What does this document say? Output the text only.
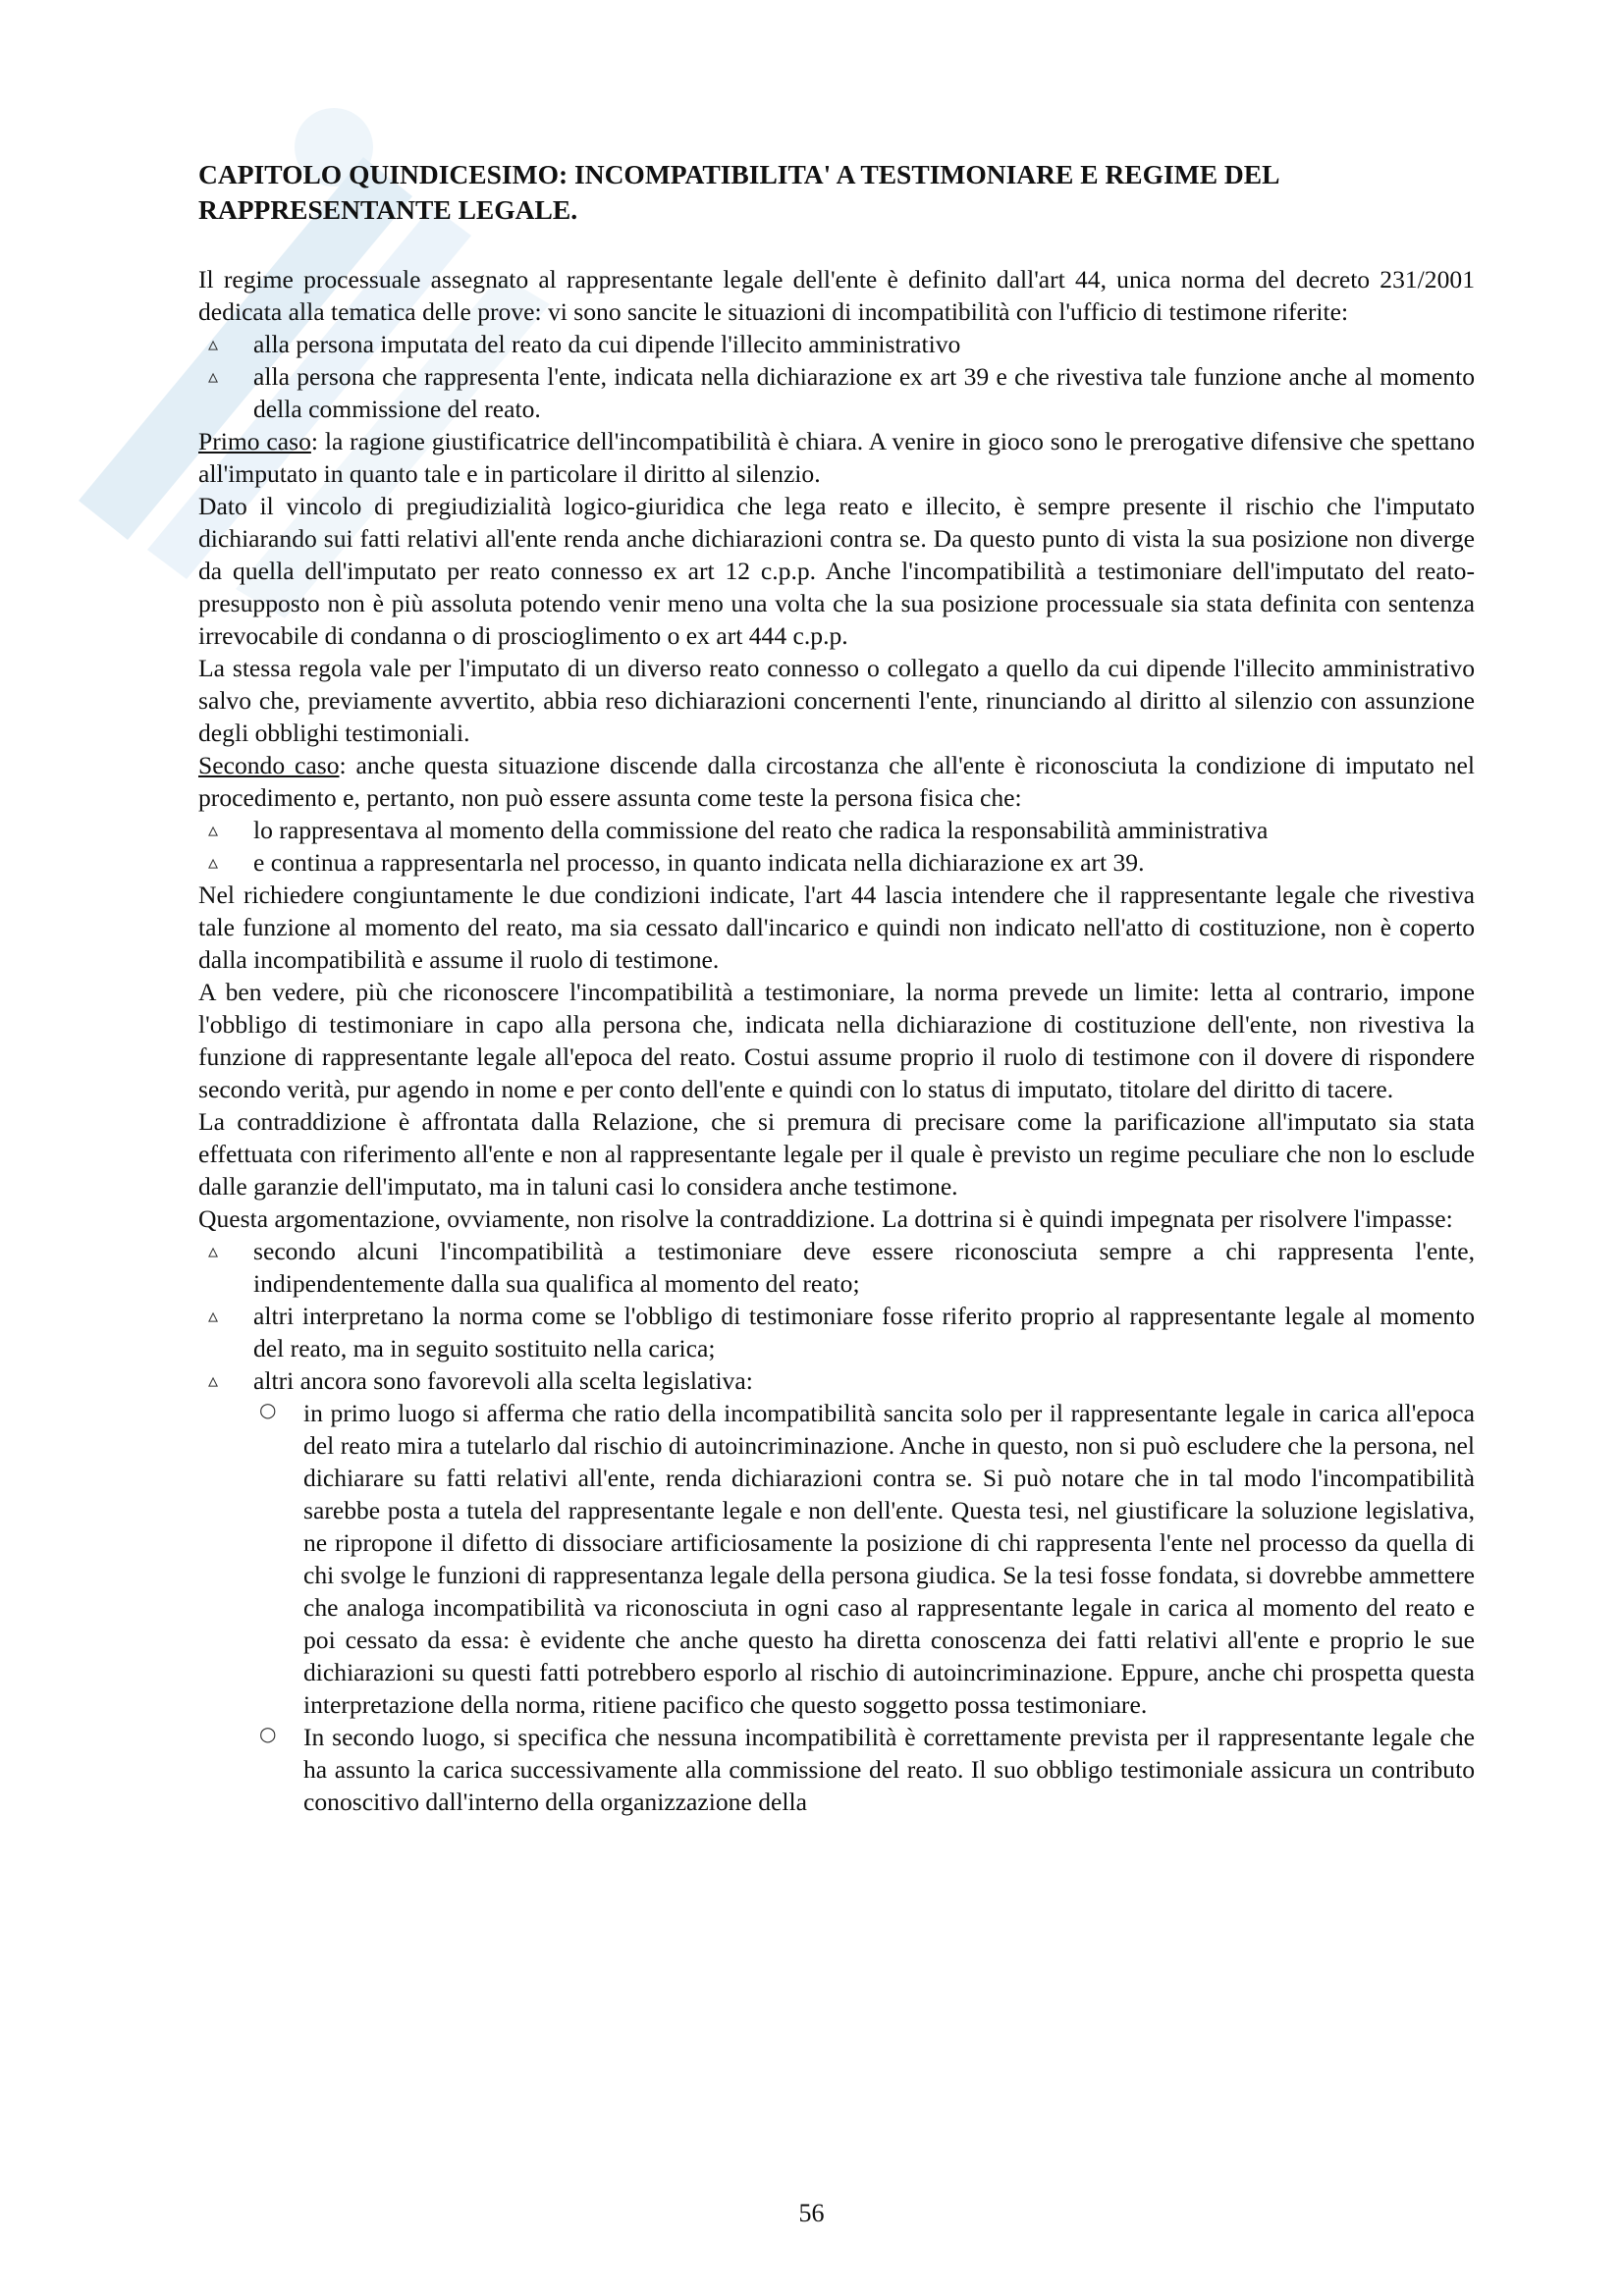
CAPITOLO QUINDICESIMO: INCOMPATIBILITA' A TESTIMONIARE E REGIME DEL RAPPRESENTANTE LEGALE.

Il regime processuale assegnato al rappresentante legale dell'ente è definito dall'art 44, unica norma del decreto 231/2001 dedicata alla tematica delle prove: vi sono sancite le situazioni di incompatibilità con l'ufficio di testimone riferite:

▵ alla persona imputata del reato da cui dipende l'illecito amministrativo
▵ alla persona che rappresenta l'ente, indicata nella dichiarazione ex art 39 e che rivestiva tale funzione anche al momento della commissione del reato.

Primo caso: la ragione giustificatrice dell'incompatibilità è chiara. A venire in gioco sono le prerogative difensive che spettano all'imputato in quanto tale e in particolare il diritto al silenzio.

Dato il vincolo di pregiudizialità logico-giuridica che lega reato e illecito, è sempre presente il rischio che l'imputato dichiarando sui fatti relativi all'ente renda anche dichiarazioni contra se. Da questo punto di vista la sua posizione non diverge da quella dell'imputato per reato connesso ex art 12 c.p.p. Anche l'incompatibilità a testimoniare dell'imputato del reato-presupposto non è più assoluta potendo venir meno una volta che la sua posizione processuale sia stata definita con sentenza irrevocabile di condanna o di proscioglimento o ex art 444 c.p.p.

La stessa regola vale per l'imputato di un diverso reato connesso o collegato a quello da cui dipende l'illecito amministrativo salvo che, previamente avvertito, abbia reso dichiarazioni concernenti l'ente, rinunciando al diritto al silenzio con assunzione degli obblighi testimoniali.

Secondo caso: anche questa situazione discende dalla circostanza che all'ente è riconosciuta la condizione di imputato nel procedimento e, pertanto, non può essere assunta come teste la persona fisica che:

▵ lo rappresentava al momento della commissione del reato che radica la responsabilità amministrativa
▵ e continua a rappresentarla nel processo, in quanto indicata nella dichiarazione ex art 39.

Nel richiedere congiuntamente le due condizioni indicate, l'art 44 lascia intendere che il rappresentante legale che rivestiva tale funzione al momento del reato, ma sia cessato dall'incarico e quindi non indicato nell'atto di costituzione, non è coperto dalla incompatibilità e assume il ruolo di testimone.

A ben vedere, più che riconoscere l'incompatibilità a testimoniare, la norma prevede un limite: letta al contrario, impone l'obbligo di testimoniare in capo alla persona che, indicata nella dichiarazione di costituzione dell'ente, non rivestiva la funzione di rappresentante legale all'epoca del reato. Costui assume proprio il ruolo di testimone con il dovere di rispondere secondo verità, pur agendo in nome e per conto dell'ente e quindi con lo status di imputato, titolare del diritto di tacere.

La contraddizione è affrontata dalla Relazione, che si premura di precisare come la parificazione all'imputato sia stata effettuata con riferimento all'ente e non al rappresentante legale per il quale è previsto un regime peculiare che non lo esclude dalle garanzie dell'imputato, ma in taluni casi lo considera anche testimone.

Questa argomentazione, ovviamente, non risolve la contraddizione. La dottrina si è quindi impegnata per risolvere l'impasse:

▵ secondo alcuni l'incompatibilità a testimoniare deve essere riconosciuta sempre a chi rappresenta l'ente, indipendentemente dalla sua qualifica al momento del reato;
▵ altri interpretano la norma come se l'obbligo di testimoniare fosse riferito proprio al rappresentante legale al momento del reato, ma in seguito sostituito nella carica;
▵ altri ancora sono favorevoli alla scelta legislativa:
○ in primo luogo si afferma che ratio della incompatibilità sancita solo per il rappresentante legale in carica all'epoca del reato mira a tutelarlo dal rischio di autoincriminazione. Anche in questo, non si può escludere che la persona, nel dichiarare su fatti relativi all'ente, renda dichiarazioni contra se. Si può notare che in tal modo l'incompatibilità sarebbe posta a tutela del rappresentante legale e non dell'ente. Questa tesi, nel giustificare la soluzione legislativa, ne ripropone il difetto di dissociare artificiosamente la posizione di chi rappresenta l'ente nel processo da quella di chi svolge le funzioni di rappresentanza legale della persona giudica. Se la tesi fosse fondata, si dovrebbe ammettere che analoga incompatibilità va riconosciuta in ogni caso al rappresentante legale in carica al momento del reato e poi cessato da essa: è evidente che anche questo ha diretta conoscenza dei fatti relativi all'ente e proprio le sue dichiarazioni su questi fatti potrebbero esporlo al rischio di autoincriminazione. Eppure, anche chi prospetta questa interpretazione della norma, ritiene pacifico che questo soggetto possa testimoniare.
○ In secondo luogo, si specifica che nessuna incompatibilità è correttamente prevista per il rappresentante legale che ha assunto la carica successivamente alla commissione del reato. Il suo obbligo testimoniale assicura un contributo conoscitivo dall'interno della organizzazione della
56
